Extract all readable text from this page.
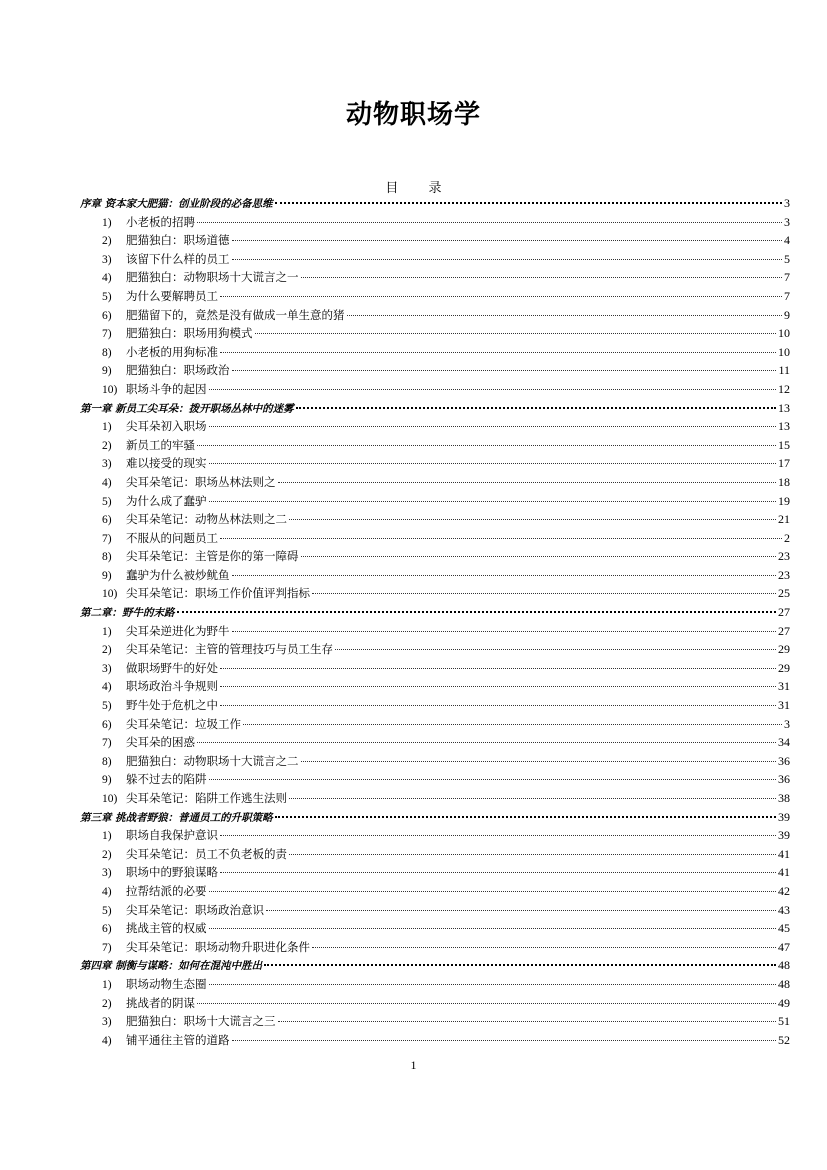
动物职场学
目 录
序章 资本家大肥猫：创业阶段的必备思维	3
1)	小老板的招聘	3
2)	肥猫独白：职场道德	4
3)	该留下什么样的员工	5
4)	肥猫独白：动物职场十大谎言之一	7
5)	为什么要解聘员工	7
6)	肥猫留下的，竟然是没有做成一单生意的猪	9
7)	肥猫独白：职场用狗模式	10
8)	小老板的用狗标准	10
9)	肥猫独白：职场政治	11
10) 职场斗争的起因	12
第一章 新员工尖耳朵：拨开职场丛林中的迷雾	13
1)	尖耳朵初入职场	13
2)	新员工的牢骚	15
3)	难以接受的现实	17
4)	尖耳朵笔记：职场丛林法则之	18
5)	为什么成了蠢驴	19
6)	尖耳朵笔记：动物丛林法则之二	21
7)	不服从的问题员工	2
8)	尖耳朵笔记：主管是你的第一障碍	23
9)	蠢驴为什么被炒鱿鱼	23
10) 尖耳朵笔记：职场工作价值评判指标	25
第二章：野牛的末路	27
1)	尖耳朵逆进化为野牛	27
2)	尖耳朵笔记：主管的管理技巧与员工生存	29
3)	做职场野牛的好处	29
4)	职场政治斗争规则	31
5)	野牛处于危机之中	31
6)	尖耳朵笔记：垃圾工作	3
7)	尖耳朵的困惑	34
8)	肥猫独白：动物职场十大谎言之二	36
9)	躲不过去的陷阱	36
10) 尖耳朵笔记：陷阱工作逃生法则	38
第三章 挑战者野狼：普通员工的升职策略	39
1)	职场自我保护意识	39
2)	尖耳朵笔记：员工不负老板的责	41
3)	职场中的野狼谋略	41
4)	拉帮结派的必要	42
5)	尖耳朵笔记：职场政治意识	43
6)	挑战主管的权威	45
7)	尖耳朵笔记：职场动物升职进化条件	47
第四章 制衡与谋略：如何在混沌中胜出	48
1)	职场动物生态圈	48
2)	挑战者的阴谋	49
3)	肥猫独白：职场十大谎言之三	51
4)	铺平通往主管的道路	52
1
